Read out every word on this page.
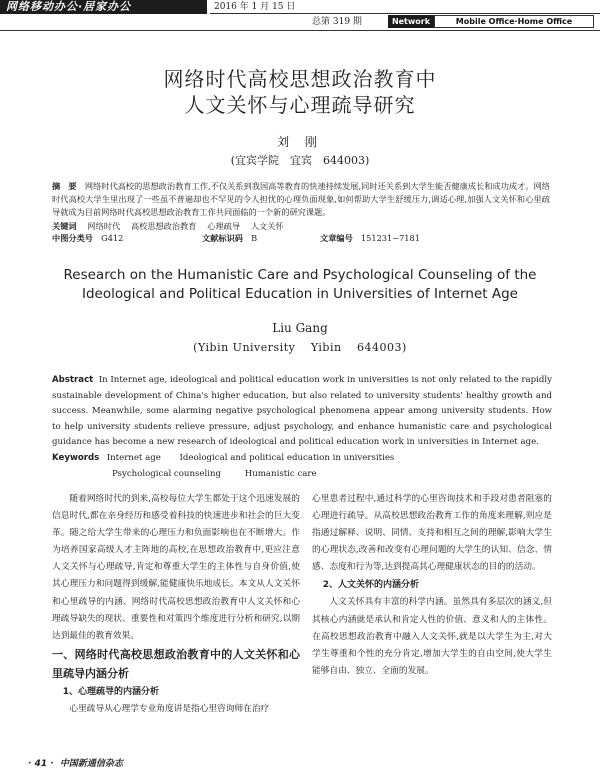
网络移动办公·居家办公	2016 年 1 月 15 日
总第 319 期	Network	Mobile Office·Home Office
网络时代高校思想政治教育中
人文关怀与心理疏导研究
刘 刚
(宜宾学院　宜宾　644003)
摘　要　 网络时代高校的思想政治教育工作,不仅关系到我国高等教育的快速持续发展,同时还关系到大学生能否健康成长和成功成才。网络时代高校大学生里出现了一些虽不普遍却也不罕见的令人担忧的心理负面现象,如何帮助大学生舒缓压力,调适心理,加强人文关怀和心里疏导就成为目前网络时代高校思想政治教育工作共同面临的一个新的研究课题。
关键词　 网络时代　 高校思想政治教育　 心理疏导　 人文关怀
中图分类号　 G412	文献标识码　 B	文章编号　 151231−7181
Research on the Humanistic Care and Psychological Counseling of the
Ideological and Political Education in Universities of Internet Age
Liu Gang
(Yibin University　 Yibin　 644003)
Abstract In Internet age, ideological and political education work in universities is not only related to the rapidly sustainable development of China's higher education, but also related to university students' healthy growth and success. Meanwhile, some alarming negative psychological phenomena appear among university students. How to help university students relieve pressure, adjust psychology, and enhance humanistic care and psychological guidance has become a new research of ideological and political education work in universities in Internet age.
Keywords Internet age Ideological and political education in universities
Psychological counseling	Humanistic care
随着网络时代的到来,高校每位大学生都处于这个迅速发展的信息时代,都在亲身经历和感受着科技的快速进步和社会的巨大变革。随之给大学生带来的心理压力和负面影响也在不断增大。作为培养国家高级人才主阵地的高校,在思想政治教育中,更应注意人文关怀与心理疏导,肯定和尊重大学生的主体性与自身价值,使其心理压力和问题得到缓解,能健康快乐地成长。本文从人文关怀和心里疏导的内涵、网络时代高校思想政治教育中人文关怀和心理疏导缺失的现状、重要性和对策四个维度进行分析和研究,以期达到最佳的教育效果。
一、网络时代高校思想政治教育中的人文关怀和心里疏导内涵分析
1、心理疏导的内涵分析
心里疏导从心理学专业角度讲是指心里咨询师在治疗
心里患者过程中,通过科学的心里咨询技术和手段对患者阻塞的心理进行疏导。从高校思想政治教育工作的角度来理解,则应是指通过解释、说明、同情、支持和相互之间的理解,影响大学生的心理状态,改善和改变有心理问题的大学生的认知、信念、情感、态度和行为等,达到提高其心理健康状态的目的的活动。
2、人文关怀的内涵分析
人文关怀具有丰富的科学内涵。虽然具有多层次的涵义,但其核心内涵就是承认和肯定人性的价值、意义和人的主体性。在高校思想政治教育中融入人文关怀,就是以大学生为主,对大学生尊重和个性的充分肯定,增加大学生的自由空间,使大学生能够自由、独立、全面的发展。
· 41 · 中国新通信杂志
